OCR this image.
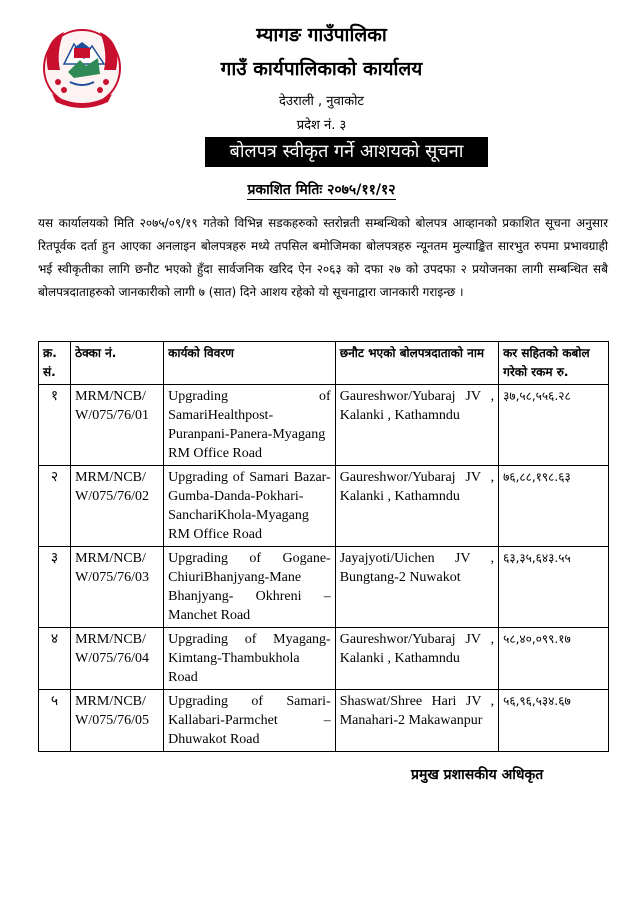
म्यागङ गाउँपालिका
गाउँ कार्यपालिकाको कार्यालय
देउराली , नुवाकोट
प्रदेश नं. ३
बोलपत्र स्वीकृत गर्ने आशयको सूचना
प्रकाशित मितिः २०७५/११/१२
यस कार्यालयको मिति २०७५/०९/१९ गतेको विभिन्न सडकहरुको स्तरोन्नती सम्बन्धिको बोलपत्र आव्हानको प्रकाशित सूचना अनुसार रितपूर्वक दर्ता हुन आएका अनलाइन बोलपत्रहरु मध्ये तपसिल बमोजिमका बोलपत्रहरु न्यूनतम मुल्याङ्कित सारभुत रुपमा प्रभावग्राही भई स्वीकृतीका लागि छनौट भएको हुँदा सार्वजनिक खरिद ऐन २०६३ को दफा २७ को उपदफा २ प्रयोजनका लागी सम्बन्धित सबै बोलपत्रदाताहरुको जानकारीको लागी ७ (सात) दिने आशय रहेको यो सूचनाद्वारा जानकारी गराइन्छ ।
क्र. सं.	ठेक्का नं.	कार्यको विवरण	छनौट भएको बोलपत्रदाताको नाम	कर सहितको कबोल गरेको रकम रु.
१	MRM/NCB/ W/075/76/01	Upgrading of SamariHealthpost-Puranpani-Panera-Myagang RM Office Road	Gaureshwor/Yubaraj JV , Kalanki , Kathamndu	३७,५८,५५६.२८
२	MRM/NCB/ W/075/76/02	Upgrading of Samari Bazar-Gumba-Danda-Pokhari-SanchariKhola-Myagang RM Office Road	Gaureshwor/Yubaraj JV , Kalanki , Kathamndu	७६,८८,१९८.६३
३	MRM/NCB/ W/075/76/03	Upgrading of Gogane-ChiuriBhanjyang-Mane Bhanjyang- Okhreni – Manchet Road	Jayajyoti/Uichen JV , Bungtang-2 Nuwakot	६३,३५,६४३.५५
४	MRM/NCB/ W/075/76/04	Upgrading of Myagang-Kimtang-Thambukhola Road	Gaureshwor/Yubaraj JV , Kalanki , Kathamndu	५८,४०,०९९.१७
५	MRM/NCB/ W/075/76/05	Upgrading of Samari-Kallabari-Parmchet – Dhuwakot Road	Shaswat/Shree Hari JV , Manahari-2 Makawanpur	५६,९६,५३४.६७
प्रमुख प्रशासकीय अधिकृत
